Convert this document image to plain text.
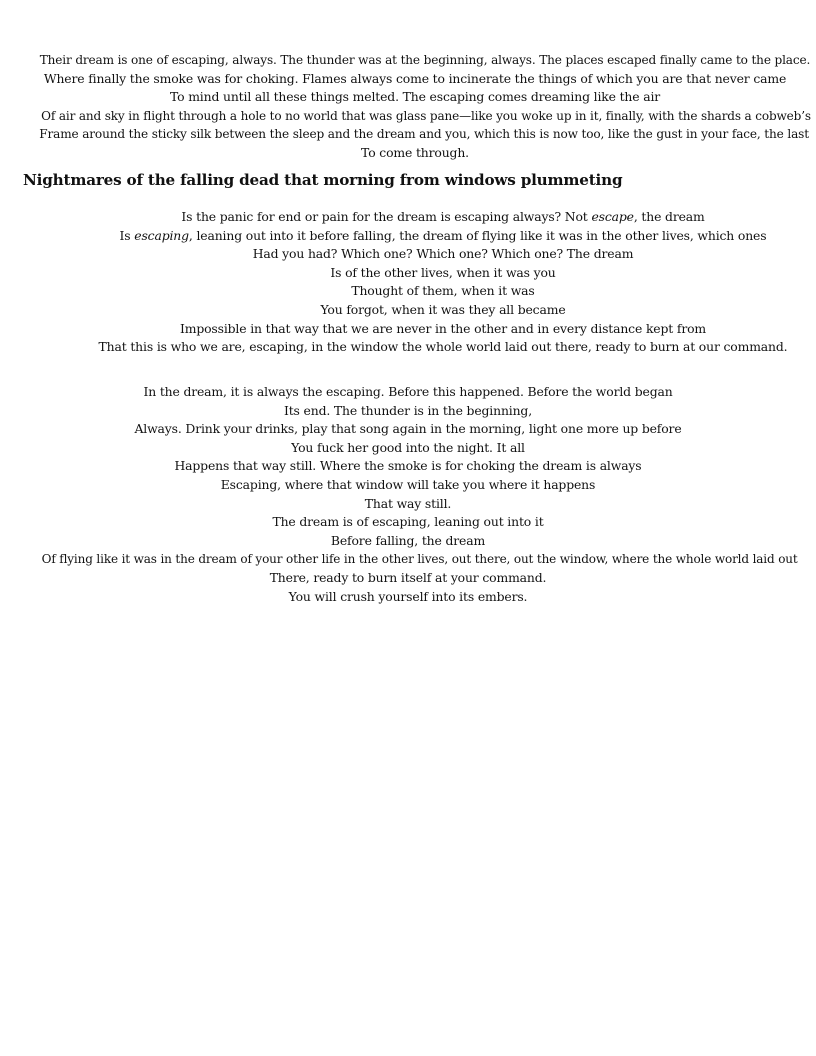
Their dream is one of escaping, always. The thunder was at the beginning, always. The places escaped finally came to the place.
Where finally the smoke was for choking. Flames always come to incinerate the things of which you are that never came
To mind until all these things melted. The escaping comes dreaming like the air
Of air and sky in flight through a hole to no world that was glass pane—like you woke up in it, finally, with the shards a cobweb’s
Frame around the sticky silk between the sleep and the dream and you, which this is now too, like the gust in your face, the last
To come through.
Nightmares of the falling dead that morning from windows plummeting
Is the panic for end or pain for the dream is escaping always? Not escape, the dream
Is escaping, leaning out into it before falling, the dream of flying like it was in the other lives, which ones
Had you had? Which one? Which one? Which one? The dream
Is of the other lives, when it was you
Thought of them, when it was
You forgot, when it was they all became
Impossible in that way that we are never in the other and in every distance kept from
That this is who we are, escaping, in the window the whole world laid out there, ready to burn at our command.
In the dream, it is always the escaping. Before this happened. Before the world began
Its end. The thunder is in the beginning,
Always. Drink your drinks, play that song again in the morning, light one more up before
You fuck her good into the night. It all
Happens that way still. Where the smoke is for choking the dream is always
Escaping, where that window will take you where it happens
That way still.
The dream is of escaping, leaning out into it
Before falling, the dream
Of flying like it was in the dream of your other life in the other lives, out there, out the window, where the whole world laid out
There, ready to burn itself at your command.
You will crush yourself into its embers.
